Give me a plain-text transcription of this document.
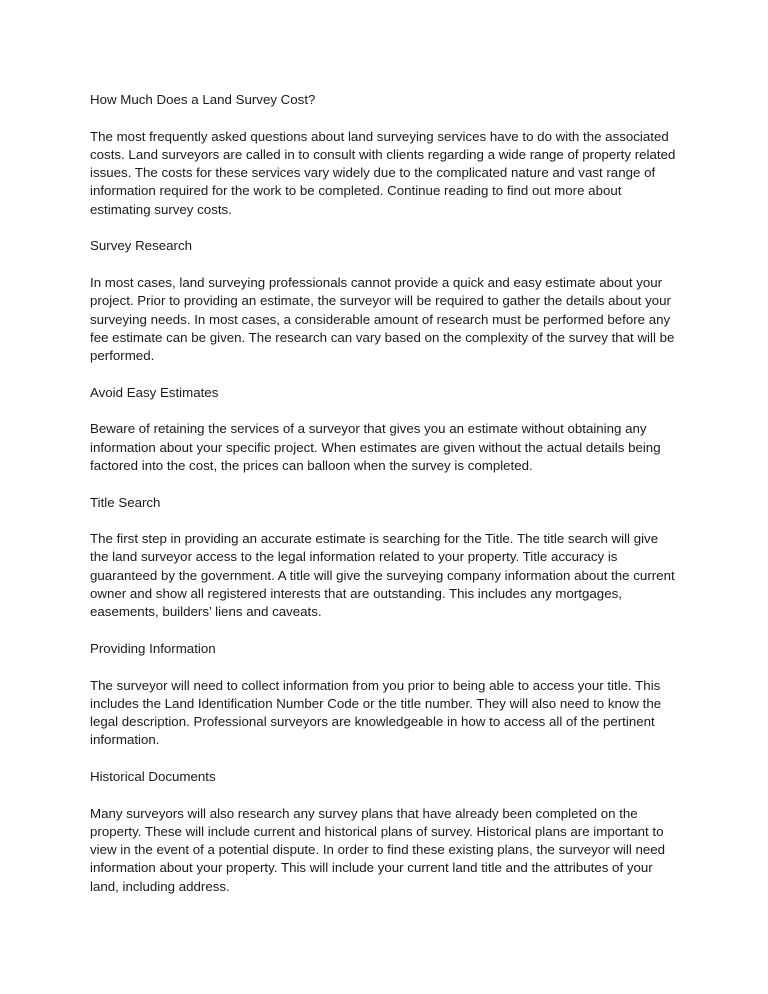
How Much Does a Land Survey Cost?

The most frequently asked questions about land surveying services have to do with the associated costs. Land surveyors are called in to consult with clients regarding a wide range of property related issues. The costs for these services vary widely due to the complicated nature and vast range of information required for the work to be completed. Continue reading to find out more about estimating survey costs.

Survey Research

In most cases, land surveying professionals cannot provide a quick and easy estimate about your project. Prior to providing an estimate, the surveyor will be required to gather the details about your surveying needs. In most cases, a considerable amount of research must be performed before any fee estimate can be given. The research can vary based on the complexity of the survey that will be performed.

Avoid Easy Estimates

Beware of retaining the services of a surveyor that gives you an estimate without obtaining any information about your specific project. When estimates are given without the actual details being factored into the cost, the prices can balloon when the survey is completed.

Title Search

The first step in providing an accurate estimate is searching for the Title. The title search will give the land surveyor access to the legal information related to your property. Title accuracy is guaranteed by the government. A title will give the surveying company information about the current owner and show all registered interests that are outstanding. This includes any mortgages, easements, builders’ liens and caveats.

Providing Information

The surveyor will need to collect information from you prior to being able to access your title. This includes the Land Identification Number Code or the title number. They will also need to know the legal description. Professional surveyors are knowledgeable in how to access all of the pertinent information.

Historical Documents

Many surveyors will also research any survey plans that have already been completed on the property. These will include current and historical plans of survey. Historical plans are important to view in the event of a potential dispute. In order to find these existing plans, the surveyor will need information about your property. This will include your current land title and the attributes of your land, including address.
